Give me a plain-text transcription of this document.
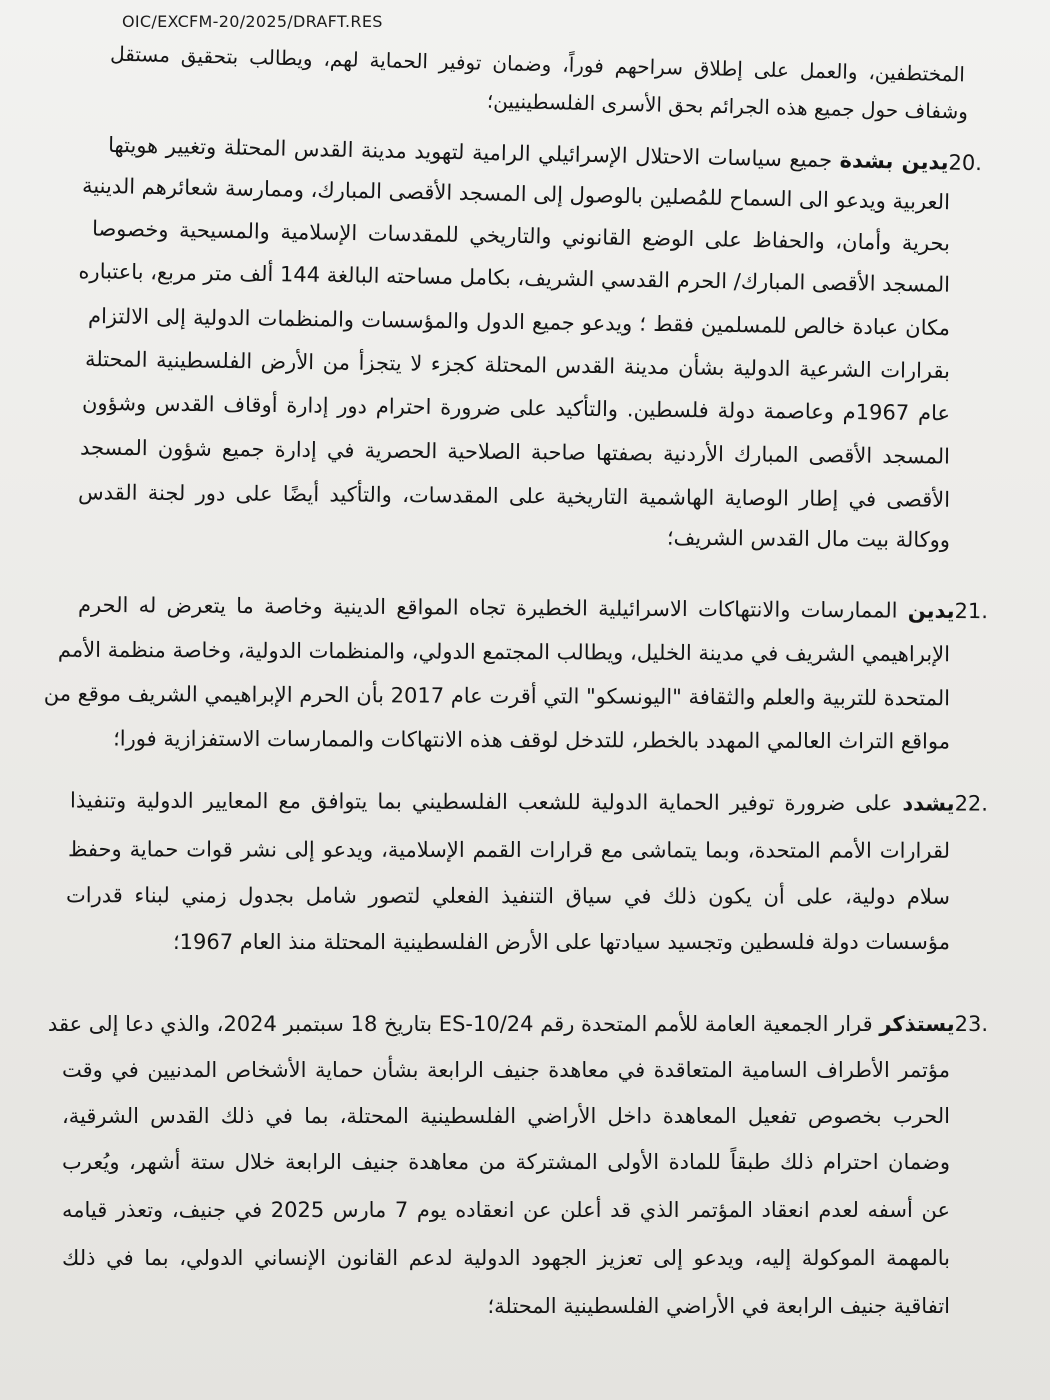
OIC/EXCFM-20/2025/DRAFT.RES
المختطفين، والعمل على إطلاق سراحهم فوراً، وضمان توفير الحماية لهم، ويطالب بتحقيق مستقل
وشفاف حول جميع هذه الجرائم بحق الأسرى الفلسطينيين؛
20.يدين بشدة جميع سياسات الاحتلال الإسرائيلي الرامية لتهويد مدينة القدس المحتلة وتغيير هويتها
العربية ويدعو الى السماح للمُصلين بالوصول إلى المسجد الأقصى المبارك، وممارسة شعائرهم الدينية
بحرية وأمان، والحفاظ على الوضع القانوني والتاريخي للمقدسات الإسلامية والمسيحية وخصوصا
المسجد الأقصى المبارك/ الحرم القدسي الشريف، بكامل مساحته البالغة 144 ألف متر مربع، باعتباره
مكان عبادة خالص للمسلمين فقط ؛ ويدعو جميع الدول والمؤسسات والمنظمات الدولية إلى الالتزام
بقرارات الشرعية الدولية بشأن مدينة القدس المحتلة كجزء لا يتجزأ من الأرض الفلسطينية المحتلة
عام 1967م وعاصمة دولة فلسطين. والتأكيد على ضرورة احترام دور إدارة أوقاف القدس وشؤون
المسجد الأقصى المبارك الأردنية بصفتها صاحبة الصلاحية الحصرية في إدارة جميع شؤون المسجد
الأقصى في إطار الوصاية الهاشمية التاريخية على المقدسات، والتأكيد أيضًا على دور لجنة القدس
ووكالة بيت مال القدس الشريف؛
21.يدين الممارسات والانتهاكات الاسرائيلية الخطيرة تجاه المواقع الدينية وخاصة ما يتعرض له الحرم
الإبراهيمي الشريف في مدينة الخليل، ويطالب المجتمع الدولي، والمنظمات الدولية، وخاصة منظمة الأمم
المتحدة للتربية والعلم والثقافة "اليونسكو" التي أقرت عام 2017 بأن الحرم الإبراهيمي الشريف موقع من
مواقع التراث العالمي المهدد بالخطر، للتدخل لوقف هذه الانتهاكات والممارسات الاستفزازية فورا؛
22.يشدد على ضرورة توفير الحماية الدولية للشعب الفلسطيني بما يتوافق مع المعايير الدولية وتنفيذا
لقرارات الأمم المتحدة، وبما يتماشى مع قرارات القمم الإسلامية، ويدعو إلى نشر قوات حماية وحفظ
سلام دولية، على أن يكون ذلك في سياق التنفيذ الفعلي لتصور شامل بجدول زمني لبناء قدرات
مؤسسات دولة فلسطين وتجسيد سيادتها على الأرض الفلسطينية المحتلة منذ العام 1967؛
23.يستذكر قرار الجمعية العامة للأمم المتحدة رقم ES-10/24 بتاريخ 18 سبتمبر 2024، والذي دعا إلى عقد
مؤتمر الأطراف السامية المتعاقدة في معاهدة جنيف الرابعة بشأن حماية الأشخاص المدنيين في وقت
الحرب بخصوص تفعيل المعاهدة داخل الأراضي الفلسطينية المحتلة، بما في ذلك القدس الشرقية،
وضمان احترام ذلك طبقاً للمادة الأولى المشتركة من معاهدة جنيف الرابعة خلال ستة أشهر، ويُعرب
عن أسفه لعدم انعقاد المؤتمر الذي قد أعلن عن انعقاده يوم 7 مارس 2025 في جنيف، وتعذر قيامه
بالمهمة الموكولة إليه، ويدعو إلى تعزيز الجهود الدولية لدعم القانون الإنساني الدولي، بما في ذلك
اتفاقية جنيف الرابعة في الأراضي الفلسطينية المحتلة؛
